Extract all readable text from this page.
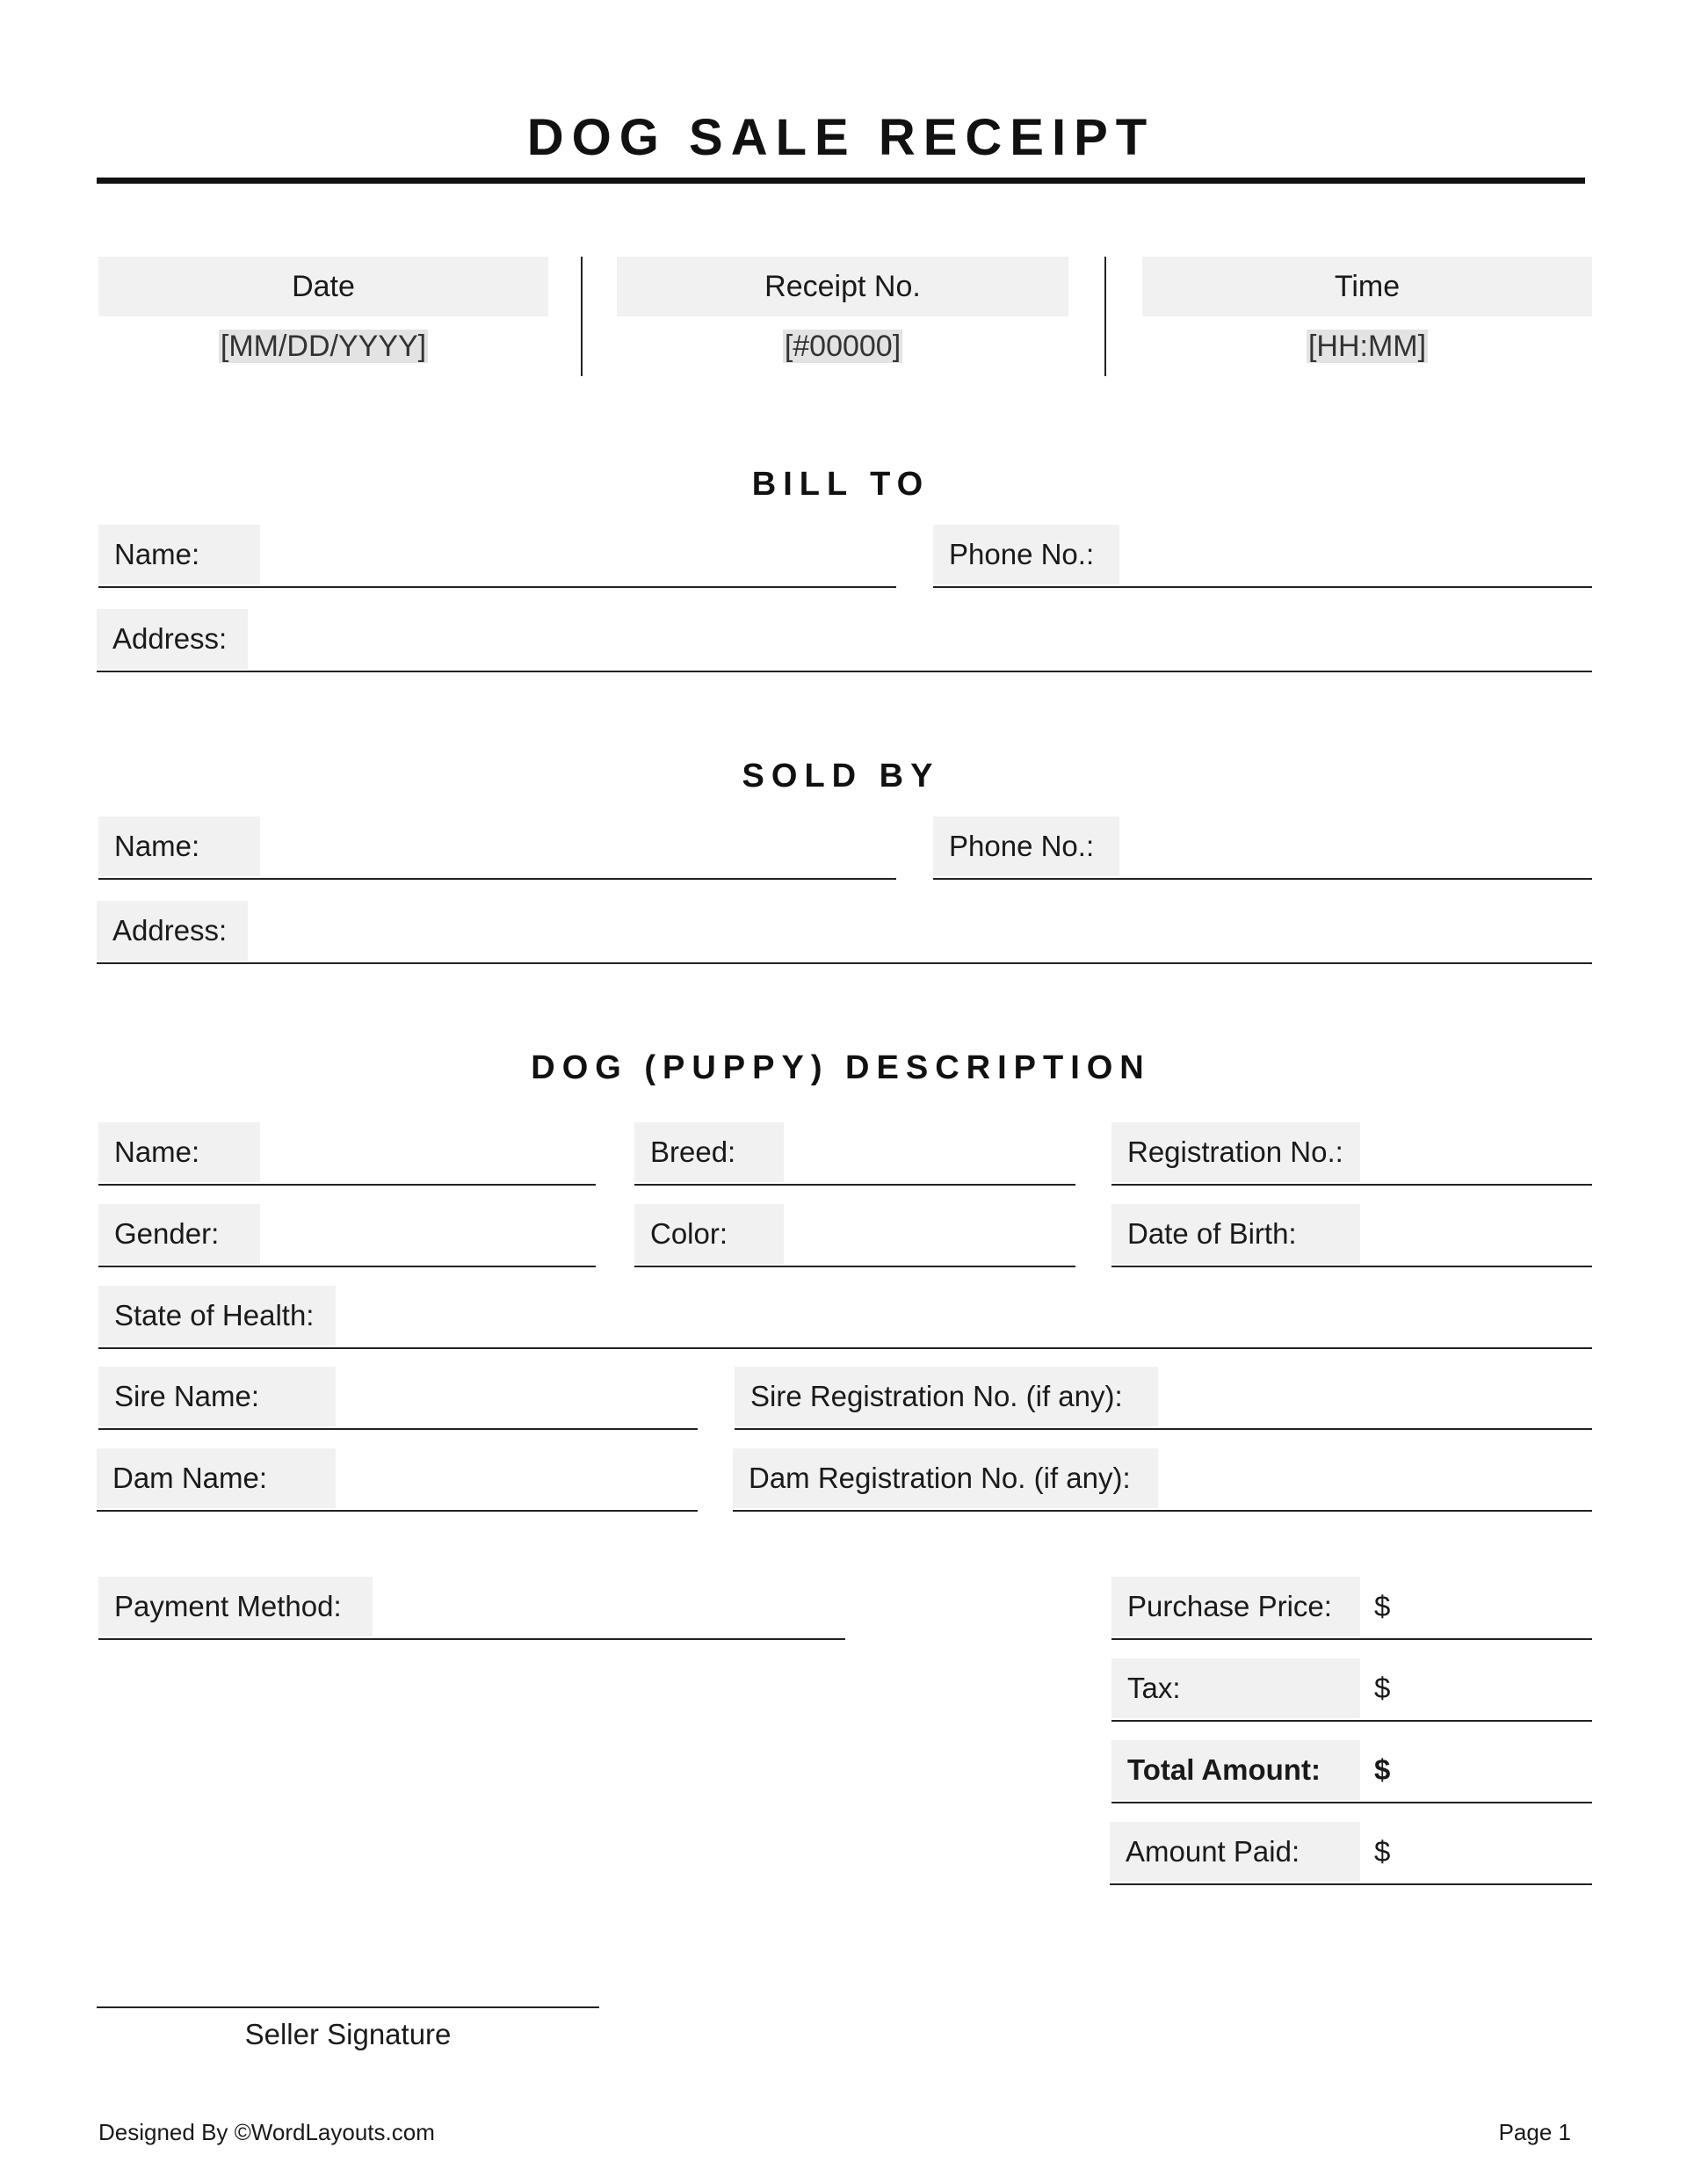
DOG SALE RECEIPT
Date
[MM/DD/YYYY]
Receipt No.
[#00000]
Time
[HH:MM]
BILL TO
Name:	Phone No.:
Address:
SOLD BY
Name:	Phone No.:
Address:
DOG (PUPPY) DESCRIPTION
Name:	Breed:	Registration No.:
Gender:	Color:	Date of Birth:
State of Health:
Sire Name:	Sire Registration No. (if any):
Dam Name:	Dam Registration No. (if any):
Payment Method:	Purchase Price:	$
Tax:	$
Total Amount:	$
Amount Paid:	$
Seller Signature
Designed By ©WordLayouts.com	Page 1
